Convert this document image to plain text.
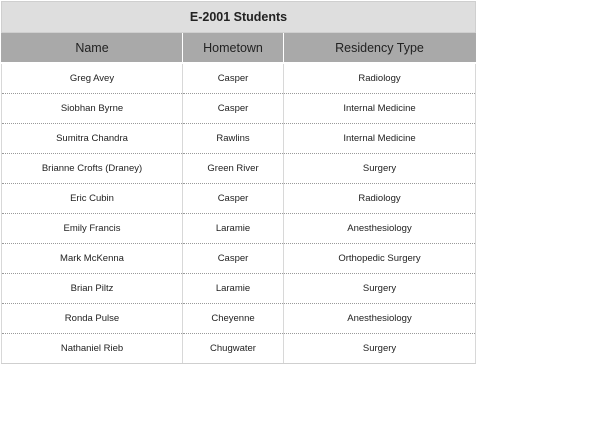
E-2001 Students		
Name	Hometown	Residency Type
Greg Avey	Casper	Radiology
Siobhan Byrne	Casper	Internal Medicine
Sumitra Chandra	Rawlins	Internal Medicine
Brianne Crofts (Draney)	Green River	Surgery
Eric Cubin	Casper	Radiology
Emily Francis	Laramie	Anesthesiology
Mark McKenna	Casper	Orthopedic Surgery
Brian Piltz	Laramie	Surgery
Ronda Pulse	Cheyenne	Anesthesiology
Nathaniel Rieb	Chugwater	Surgery
